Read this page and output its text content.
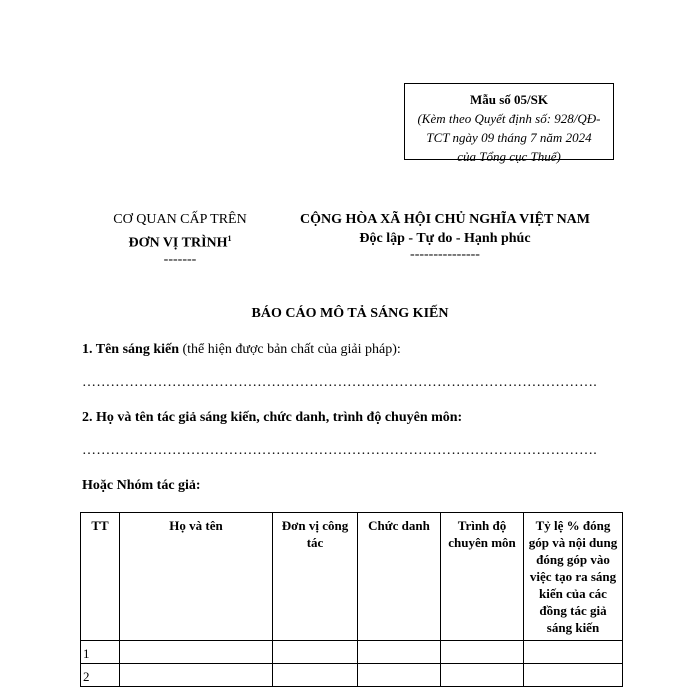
Mẫu số 05/SK
(Kèm theo Quyết định số: 928/QĐ-
TCT ngày 09 tháng 7 năm 2024
của Tổng cục Thuế)
CƠ QUAN CẤP TRÊN
ĐƠN VỊ TRÌNH$^1$
-------
CỘNG HÒA XÃ HỘI CHỦ NGHĨA VIỆT NAM
Độc lập - Tự do - Hạnh phúc
---------------
BÁO CÁO MÔ TẢ SÁNG KIẾN
1. Tên sáng kiến (thể hiện được bản chất của giải pháp):
……………………………………………………………………………………………….
2. Họ và tên tác giả sáng kiến, chức danh, trình độ chuyên môn:
……………………………………………………………………………………………….
Hoặc Nhóm tác giả:
TT	Họ và tên	Đơn vị công tác	Chức danh	Trình độ chuyên môn	Tỷ lệ % đóng góp và nội dung đóng góp vào việc tạo ra sáng kiến của các đồng tác giả sáng kiến
1					
2					
